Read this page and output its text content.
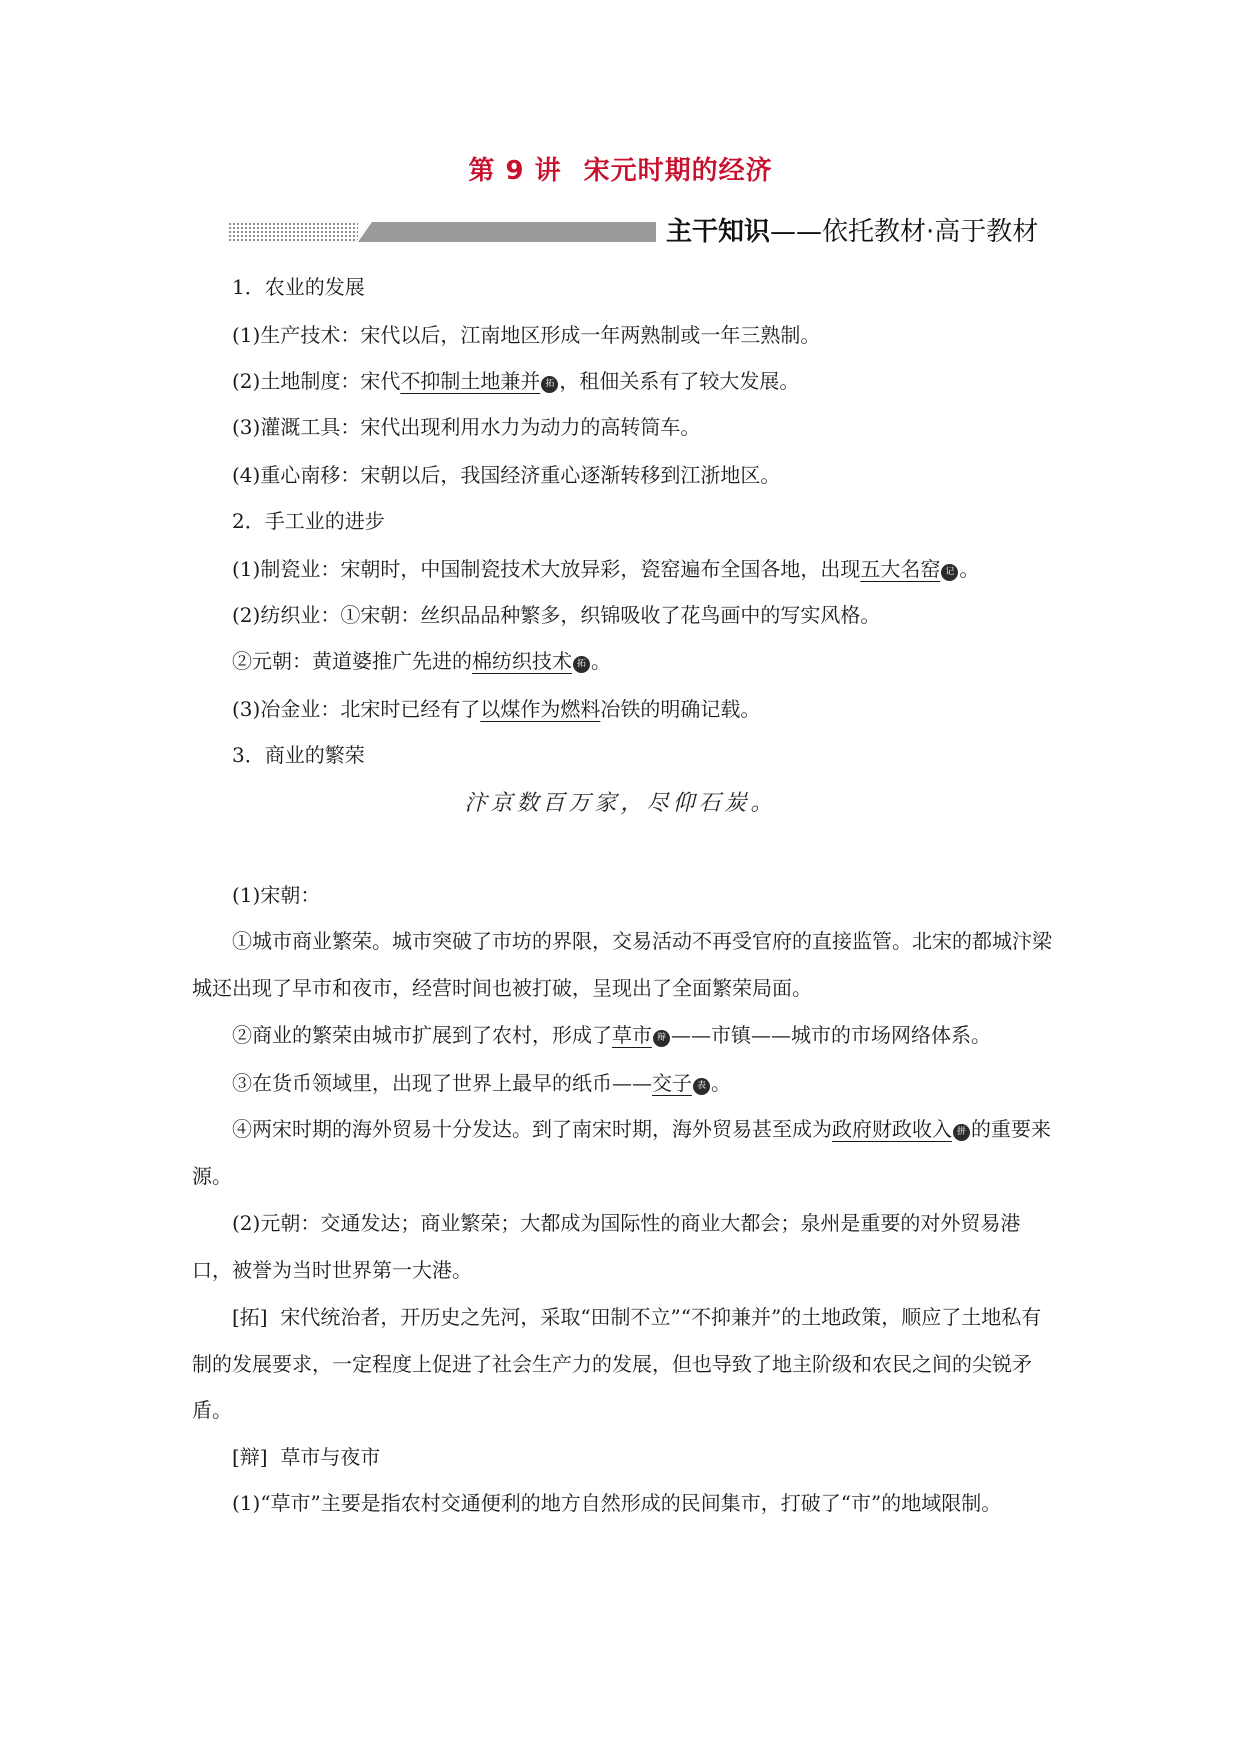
第 9 讲 宋元时期的经济
主干知识——依托教材·高于教材

1．农业的发展

(1)生产技术：宋代以后，江南地区形成一年两熟制或一年三熟制。

(2)土地制度：宋代不抑制土地兼并 拓 ，租佃关系有了较大发展。

(3)灌溉工具：宋代出现利用水力为动力的高转筒车。

(4)重心南移：宋朝以后，我国经济重心逐渐转移到江浙地区。

2．手工业的进步

(1)制瓷业：宋朝时，中国制瓷技术大放异彩，瓷窑遍布全国各地，出现五大名窑 记 。

(2)纺织业：①宋朝：丝织品品种繁多，织锦吸收了花鸟画中的写实风格。

②元朝：黄道婆推广先进的棉纺织技术 拓 。

(3)冶金业：北宋时已经有了以煤作为燃料冶铁的明确记载。

3．商业的繁荣

汴京数百万家，尽仰石炭。

(1)宋朝：

①城市商业繁荣。城市突破了市坊的界限，交易活动不再受官府的直接监管。北宋的都城汴梁城还出现了早市和夜市，经营时间也被打破，呈现出了全面繁荣局面。

②商业的繁荣由城市扩展到了农村，形成了草市 辩 ——市镇——城市的市场网络体系。

③在货币领域里，出现了世界上最早的纸币——交子 表 。

④两宋时期的海外贸易十分发达。到了南宋时期，海外贸易甚至成为政府财政收入 拼 的重要来源。

(2)元朝：交通发达；商业繁荣；大都成为国际性的商业大都会；泉州是重要的对外贸易港口，被誉为当时世界第一大港。

[拓] 宋代统治者，开历史之先河，采取“田制不立”“不抑兼并”的土地政策，顺应了土地私有制的发展要求，一定程度上促进了社会生产力的发展，但也导致了地主阶级和农民之间的尖锐矛盾。

[辩] 草市与夜市

(1)“草市”主要是指农村交通便利的地方自然形成的民间集市，打破了“市”的地域限制。
